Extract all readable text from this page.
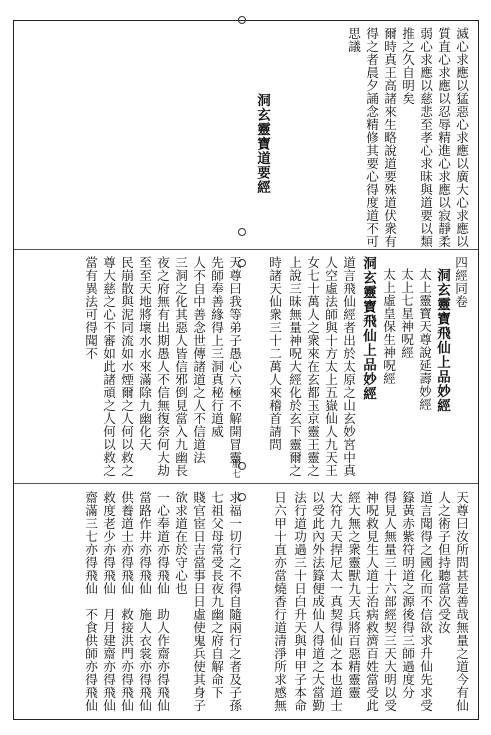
滅心求應以猛惡心求應以廣大心求應以
質直心求應以忍辱精進心求應以寂靜柔
弱心求應以慈悲至孝心求昧與道要以類
推之久自明矣
爾時真王高諸來生略說道要殊道伏衆有
得之者晨夕誦念精修其要心得度道不可
思議
洞玄靈寶道要經
四經同卷
洞玄靈寶飛仙上品妙經
太上靈寶天尊說延壽妙經
太上七星神呪經
太上虛皇保生神呪經
洞玄靈寶飛仙上品妙經
道言飛仙經者出於太原之山玄妙宮中真
人空虛法師與十方太上五嶽仙人九天王
女七十萬人之衆來在玄都玉京靈王靈之
上說三昧無量神呪大經化於玄下靈爾之
時諸天仙衆三十二萬人來稽首請問
天尊曰我等弟子愚心六極不解開冒靈
先師奉善緣得上三洞真秘行道威
人不自中善念世傳諸道之人不信道法
三洞之化其惡人皆信邪倒見當入九幽長
夜之府無有出期愚人不信無復奈何大劫
至至天地將壞水水來滿除九幽化天
民崩散與泥同流如水煙爾之人何以救之
尊大慈之心不審如此諸頑之人何以救之
當有異法可得聞不
服七
天尊曰汝所問甚是善哉無量之道今有仙
人之術子但持聽當次受汝
道言聞得之國化而不信欲求升仙先求受
籙黃赤紫符明道之源後得三師過度分
得見人無量三十六部經契三天大明以受
神呪救見生人道士治病救濟百姓當受此
經大無之衆靈獸九天兵將百惡精靈靈
大符九天捍尼太一真契得仙之本也道士
以受此內外法籙便成仙人得道之大當勤
法行道功過三十日白升天與申甲子本命
日六甲十直亦當燒香行道清淨所求感無
求福一切行之不得自隨兩行之者及子孫
七祖父母常受長夜九幽之府自解命下
賤官宦日吉當事日日虛使鬼兵使其身子
欲求道在於守心也
一心奉道亦得飛仙　助人作齋亦得飛仙
當路作井亦得飛仙　施人衣裳亦得飛仙
供養道士亦得飛仙　救接洪門亦得飛仙
救度老少亦得飛仙　月月建齋亦得飛仙
齋滿三七亦得飛仙　不食供師亦得飛仙
